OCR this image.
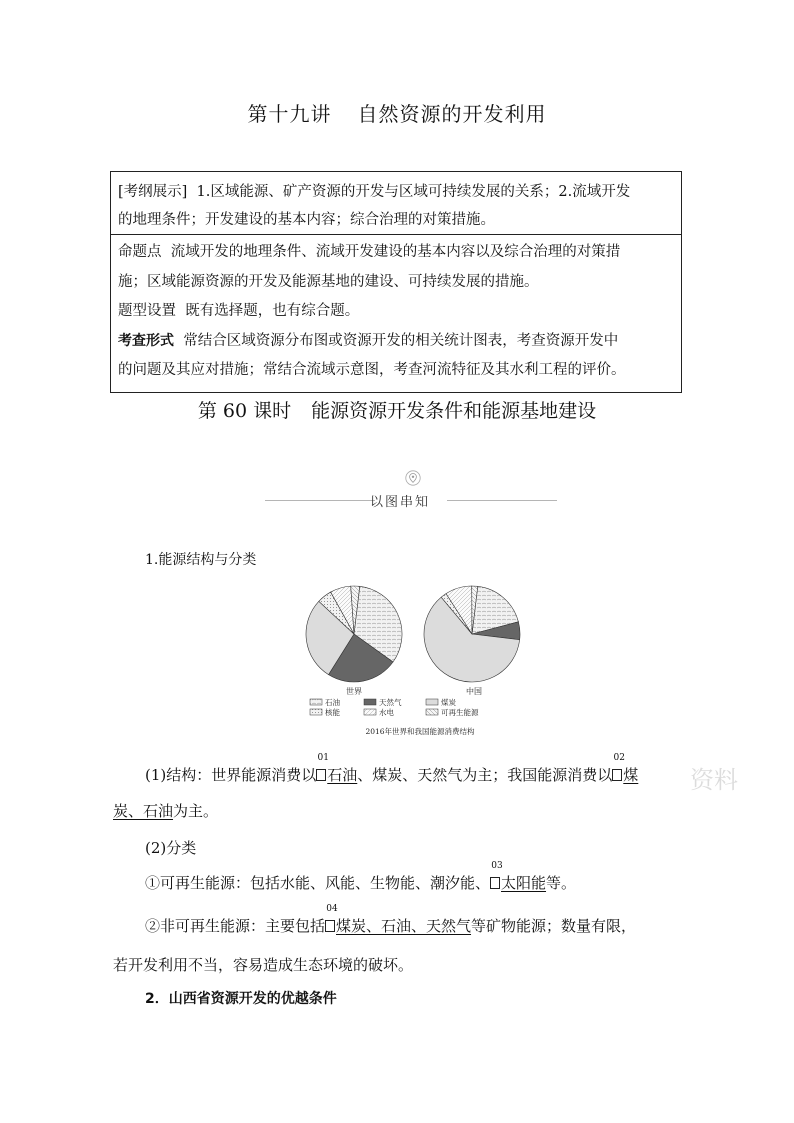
第十九讲 自然资源的开发利用
[考纲展示]  1.区域能源、矿产资源的开发与区域可持续发展的关系；2.流域开发
的地理条件；开发建设的基本内容；综合治理的对策措施。
命题点  流域开发的地理条件、流域开发建设的基本内容以及综合治理的对策措
施；区域能源资源的开发及能源基地的建设、可持续发展的措施。
题型设置  既有选择题，也有综合题。
考查形式  常结合区域资源分布图或资源开发的相关统计图表，考查资源开发中
的问题及其应对措施；常结合流域示意图，考查河流特征及其水利工程的评价。
第 60 课时 能源资源开发条件和能源基地建设
以图串知
1.能源结构与分类
世界	中国
石油	天然气	煤炭
核能	水电	可再生能源
2016年世界和我国能源消费结构
(1)结构：世界能源消费以
01
石油、煤炭、天然气为主；我国能源消费以
02
煤
炭、石油为主。
(2)分类
①可再生能源：包括水能、风能、生物能、潮汐能、
03
太阳能等。
②非可再生能源：主要包括
04
煤炭、石油、天然气等矿物能源；数量有限，
若开发利用不当，容易造成生态环境的破坏。
2．山西省资源开发的优越条件
资料
